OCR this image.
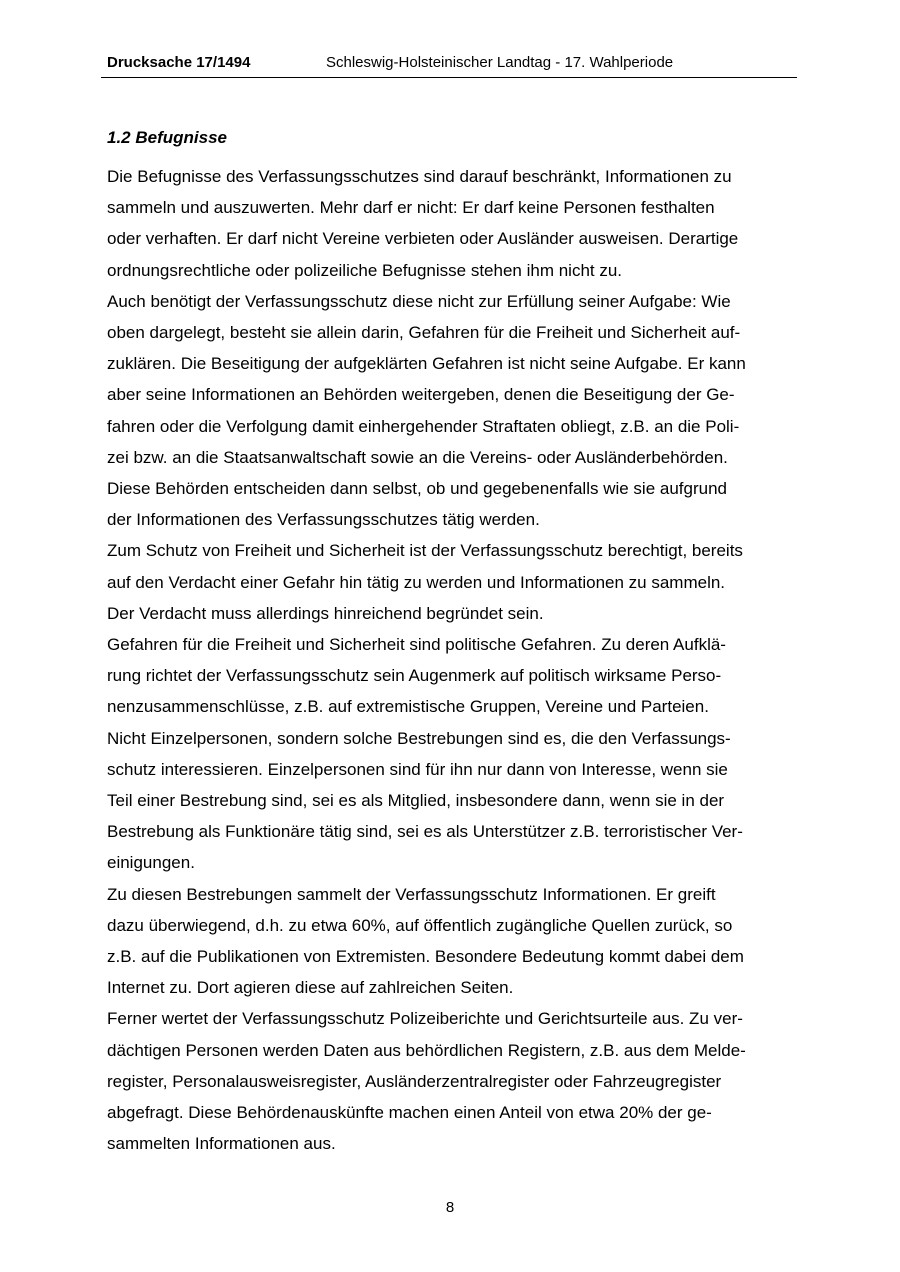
Drucksache 17/1494	Schleswig-Holsteinischer Landtag - 17. Wahlperiode
1.2 Befugnisse
Die Befugnisse des Verfassungsschutzes sind darauf beschränkt, Informationen zu
sammeln und auszuwerten. Mehr darf er nicht: Er darf keine Personen festhalten
oder verhaften. Er darf nicht Vereine verbieten oder Ausländer ausweisen. Derartige
ordnungsrechtliche oder polizeiliche Befugnisse stehen ihm nicht zu.
Auch benötigt der Verfassungsschutz diese nicht zur Erfüllung seiner Aufgabe: Wie
oben dargelegt, besteht sie allein darin, Gefahren für die Freiheit und Sicherheit auf-
zuklären. Die Beseitigung der aufgeklärten Gefahren ist nicht seine Aufgabe. Er kann
aber seine Informationen an Behörden weitergeben, denen die Beseitigung der Ge-
fahren oder die Verfolgung damit einhergehender Straftaten obliegt, z.B. an die Poli-
zei bzw. an die Staatsanwaltschaft sowie an die Vereins- oder Ausländerbehörden.
Diese Behörden entscheiden dann selbst, ob und gegebenenfalls wie sie aufgrund
der Informationen des Verfassungsschutzes tätig werden.
Zum Schutz von Freiheit und Sicherheit ist der Verfassungsschutz berechtigt, bereits
auf den Verdacht einer Gefahr hin tätig zu werden und Informationen zu sammeln.
Der Verdacht muss allerdings hinreichend begründet sein.
Gefahren für die Freiheit und Sicherheit sind politische Gefahren. Zu deren Aufklä-
rung richtet der Verfassungsschutz sein Augenmerk auf politisch wirksame Perso-
nenzusammenschlüsse, z.B. auf extremistische Gruppen, Vereine und Parteien.
Nicht Einzelpersonen, sondern solche Bestrebungen sind es, die den Verfassungs-
schutz interessieren. Einzelpersonen sind für ihn nur dann von Interesse, wenn sie
Teil einer Bestrebung sind, sei es als Mitglied, insbesondere dann, wenn sie in der
Bestrebung als Funktionäre tätig sind, sei es als Unterstützer z.B. terroristischer Ver-
einigungen.
Zu diesen Bestrebungen sammelt der Verfassungsschutz Informationen. Er greift
dazu überwiegend, d.h. zu etwa 60%, auf öffentlich zugängliche Quellen zurück, so
z.B. auf die Publikationen von Extremisten. Besondere Bedeutung kommt dabei dem
Internet zu. Dort agieren diese auf zahlreichen Seiten.
Ferner wertet der Verfassungsschutz Polizeiberichte und Gerichtsurteile aus. Zu ver-
dächtigen Personen werden Daten aus behördlichen Registern, z.B. aus dem Melde-
register, Personalausweisregister, Ausländerzentralregister oder Fahrzeugregister
abgefragt. Diese Behördenauskünfte machen einen Anteil von etwa 20% der ge-
sammelten Informationen aus.
8
